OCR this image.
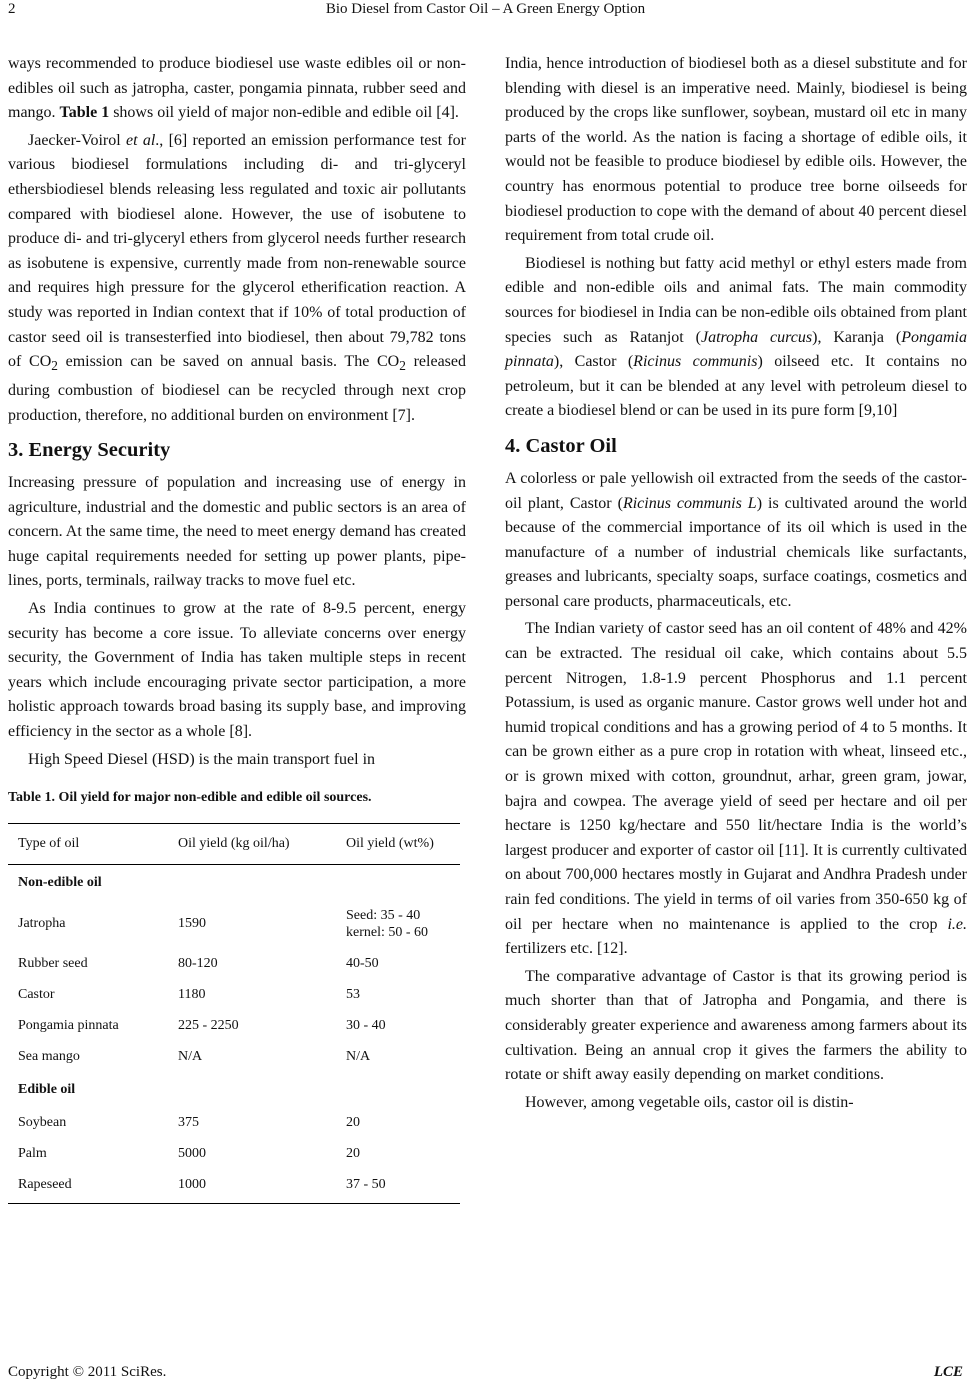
2	Bio Diesel from Castor Oil – A Green Energy Option

ways recommended to produce biodiesel use waste edibles oil or non-edibles oil such as jatropha, caster, pongamia pinnata, rubber seed and mango. Table 1 shows oil yield of major non-edible and edible oil [4].

Jaecker-Voirol et al., [6] reported an emission performance test for various biodiesel formulations including di- and tri-glyceryl ethersbiodiesel blends releasing less regulated and toxic air pollutants compared with biodiesel alone. However, the use of isobutene to produce di- and tri-glyceryl ethers from glycerol needs further research as isobutene is expensive, currently made from non-renewable source and requires high pressure for the glycerol etherification reaction. A study was reported in Indian context that if 10% of total production of castor seed oil is transesterfied into biodiesel, then about 79,782 tons of $CO_2$ emission can be saved on annual basis. The $CO_2$ released during combustion of biodiesel can be recycled through next crop production, therefore, no additional burden on environment [7].

3. Energy Security

Increasing pressure of population and increasing use of energy in agriculture, industrial and the domestic and public sectors is an area of concern. At the same time, the need to meet energy demand has created huge capital requirements needed for setting up power plants, pipelines, ports, terminals, railway tracks to move fuel etc.

As India continues to grow at the rate of 8-9.5 percent, energy security has become a core issue. To alleviate concerns over energy security, the Government of India has taken multiple steps in recent years which include encouraging private sector participation, a more holistic approach towards broad basing its supply base, and improving efficiency in the sector as a whole [8].

High Speed Diesel (HSD) is the main transport fuel in

Table 1. Oil yield for major non-edible and edible oil sources.
Type of oil	Oil yield (kg oil/ha)	Oil yield (wt%)
Non-edible oil		
Jatropha	1590	Seed: 35 - 40
kernel: 50 - 60
Rubber seed	80-120	40-50
Castor	1180	53
Pongamia pinnata	225 - 2250	30 - 40
Sea mango	N/A	N/A
Edible oil		
Soybean	375	20
Palm	5000	20
Rapeseed	1000	37 - 50

India, hence introduction of biodiesel both as a diesel substitute and for blending with diesel is an imperative need. Mainly, biodiesel is being produced by the crops like sunflower, soybean, mustard oil etc in many parts of the world. As the nation is facing a shortage of edible oils, it would not be feasible to produce biodiesel by edible oils. However, the country has enormous potential to produce tree borne oilseeds for biodiesel production to cope with the demand of about 40 percent diesel requirement from total crude oil.

Biodiesel is nothing but fatty acid methyl or ethyl esters made from edible and non-edible oils and animal fats. The main commodity sources for biodiesel in India can be non-edible oils obtained from plant species such as Ratanjot (Jatropha curcus), Karanja (Pongamia pinnata), Castor (Ricinus communis) oilseed etc. It contains no petroleum, but it can be blended at any level with petroleum diesel to create a biodiesel blend or can be used in its pure form [9,10]

4. Castor Oil

A colorless or pale yellowish oil extracted from the seeds of the castor-oil plant, Castor (Ricinus communis L) is cultivated around the world because of the commercial importance of its oil which is used in the manufacture of a number of industrial chemicals like surfactants, greases and lubricants, specialty soaps, surface coatings, cosmetics and personal care products, pharmaceuticals, etc.

The Indian variety of castor seed has an oil content of 48% and 42% can be extracted. The residual oil cake, which contains about 5.5 percent Nitrogen, 1.8-1.9 percent Phosphorus and 1.1 percent Potassium, is used as organic manure. Castor grows well under hot and humid tropical conditions and has a growing period of 4 to 5 months. It can be grown either as a pure crop in rotation with wheat, linseed etc., or is grown mixed with cotton, groundnut, arhar, green gram, jowar, bajra and cowpea. The average yield of seed per hectare and oil per hectare is 1250 kg/hectare and 550 lit/hectare India is the world’s largest producer and exporter of castor oil [11]. It is currently cultivated on about 700,000 hectares mostly in Gujarat and Andhra Pradesh under rain fed conditions. The yield in terms of oil varies from 350-650 kg of oil per hectare when no maintenance is applied to the crop i.e. fertilizers etc. [12].

The comparative advantage of Castor is that its growing period is much shorter than that of Jatropha and Pongamia, and there is considerably greater experience and awareness among farmers about its cultivation. Being an annual crop it gives the farmers the ability to rotate or shift away easily depending on market conditions.

However, among vegetable oils, castor oil is distin-

Copyright © 2011 SciRes.	LCE
